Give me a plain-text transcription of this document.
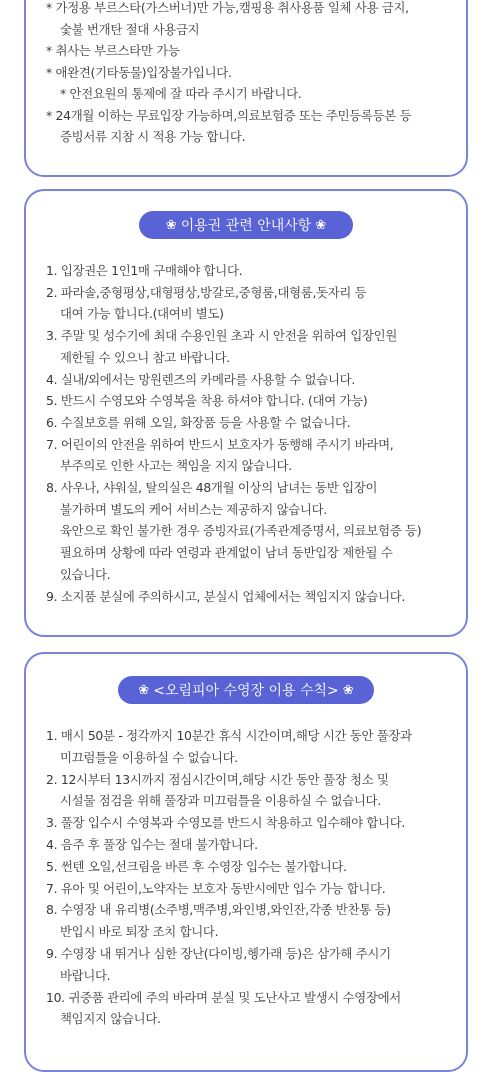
❀ 이용권 관련 안내사항 ❀
❀ <오림피아 수영장 이용 수칙> ❀
* 가정용 부르스타(가스버너)만 가능,캠핑용 취사용품 일체 사용 금지,
숯불 번개탄 절대 사용금지
* 취사는 부르스타만 가능
* 애완견(기타동물)입장불가입니다.
* 안전요원의 통제에 잘 따라 주시기 바랍니다.
* 24개월 이하는 무료입장 가능하며,의료보험증 또는 주민등록등본 등
증빙서류 지참 시 적용 가능 합니다.
1. 입장권은 1인1매 구매해야 합니다.
2. 파라솔,중형평상,대형평상,방갈로,중형룸,대형룸,돗자리 등
대여 가능 합니다.(대여비 별도)
3. 주말 및 성수기에 최대 수용인원 초과 시 안전을 위하여 입장인원
제한될 수 있으니 참고 바랍니다.
4. 실내/외에서는 망원렌즈의 카메라를 사용할 수 없습니다.
5. 반드시 수영모와 수영복을 착용 하셔야 합니다. (대여 가능)
6. 수질보호를 위해 오일, 화장품 등을 사용할 수 없습니다.
7. 어린이의 안전을 위하여 반드시 보호자가 동행해 주시기 바라며,
부주의로 인한 사고는 책임을 지지 않습니다.
8. 사우나, 샤워실, 탈의실은 48개월 이상의 남녀는 동반 입장이
불가하며 별도의 케어 서비스는 제공하지 않습니다.
육안으로 확인 불가한 경우 증빙자료(가족관계증명서, 의료보험증 등)
필요하며 상황에 따라 연령과 관계없이 남녀 동반입장 제한될 수
있습니다.
9. 소지품 분실에 주의하시고, 분실시 업체에서는 책임지지 않습니다.
1. 매시 50분 - 정각까지 10분간 휴식 시간이며,해당 시간 동안 풀장과
미끄럼틀을 이용하실 수 없습니다.
2. 12시부터 13시까지 점심시간이며,해당 시간 동안 풀장 청소 및
시설물 점검을 위해 풀장과 미끄럼틀을 이용하실 수 없습니다.
3. 풀장 입수시 수영복과 수영모를 반드시 착용하고 입수해야 합니다.
4. 음주 후 풀장 입수는 절대 불가합니다.
5. 썬텐 오일,선크림을 바른 후 수영장 입수는 불가합니다.
7. 유아 및 어린이,노약자는 보호자 동반시에만 입수 가능 합니다.
8. 수영장 내 유리병(소주병,맥주병,와인병,와인잔,각종 반찬통 등)
반입시 바로 퇴장 조치 합니다.
9. 수영장 내 뛰거나 심한 장난(다이빙,헹가래 등)은 삼가해 주시기
바랍니다.
10. 귀중품 관리에 주의 바라며 분실 및 도난사고 발생시 수영장에서
책임지지 않습니다.
